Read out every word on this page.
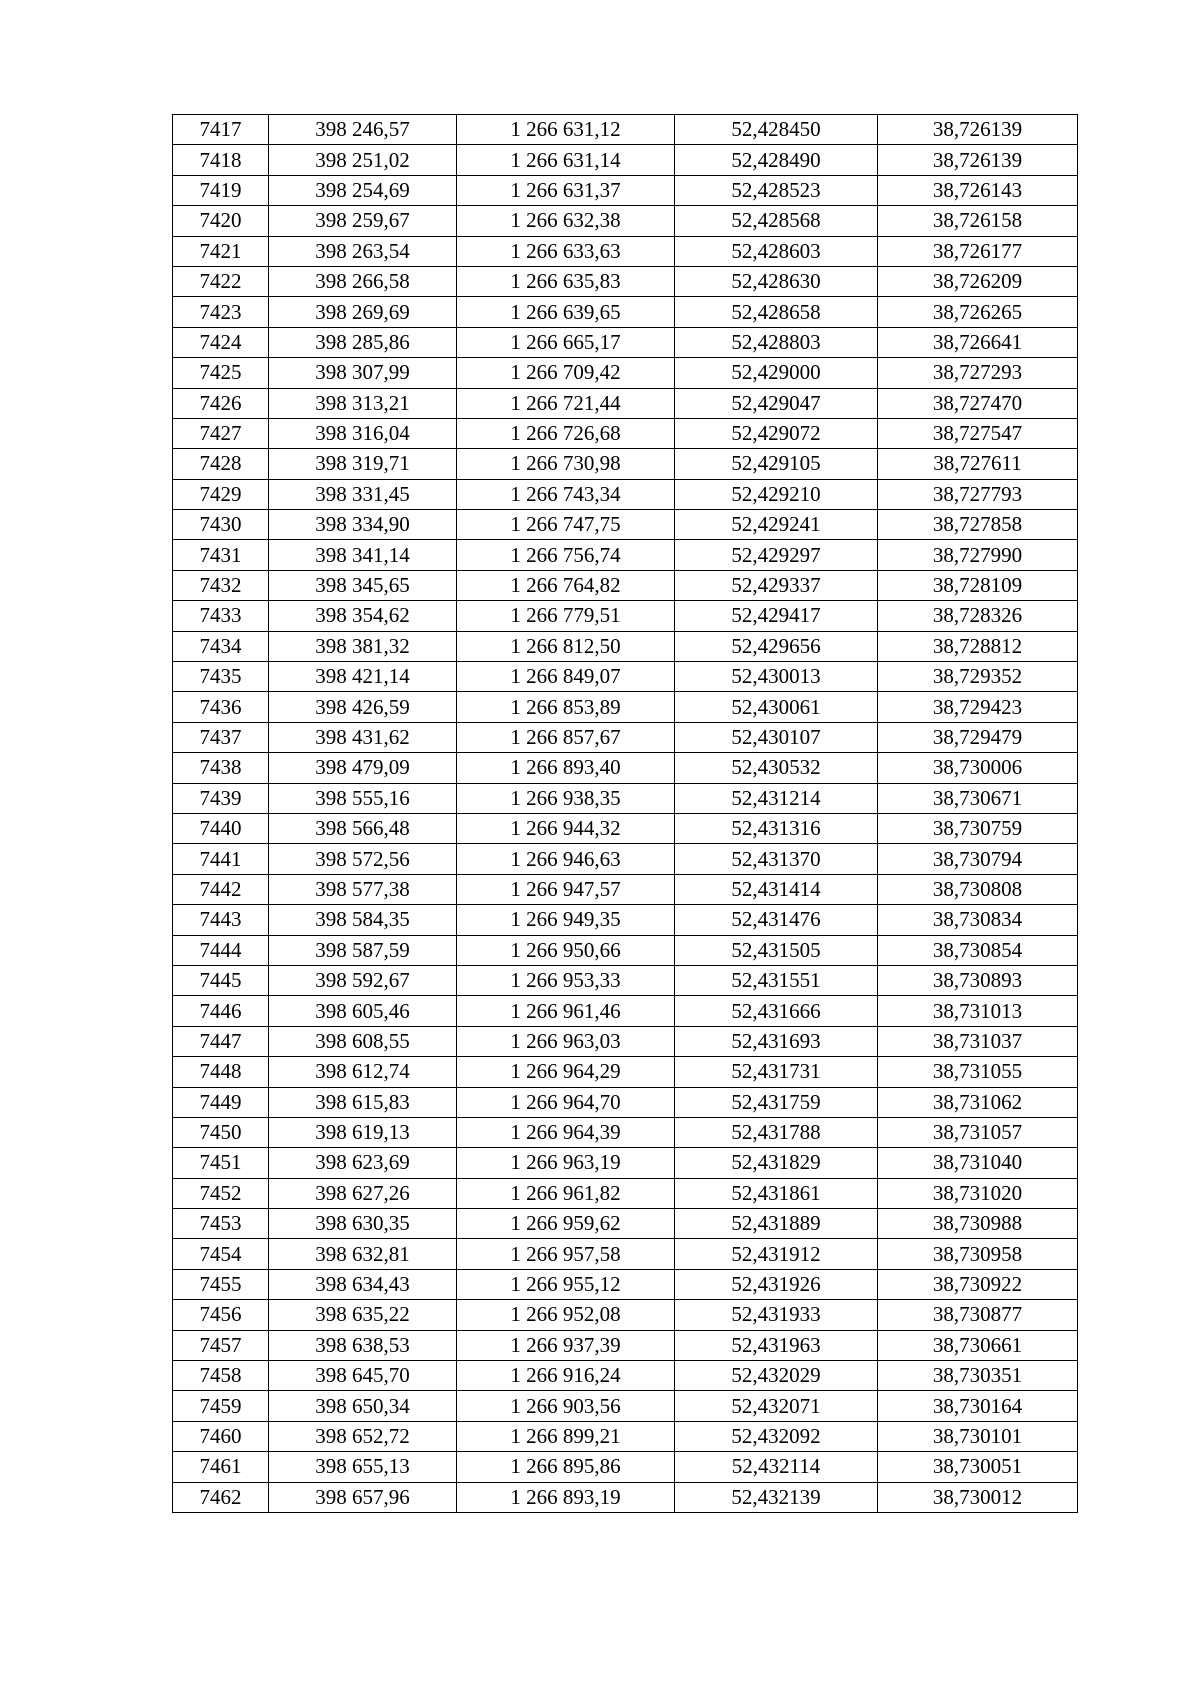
7417	398 246,57	1 266 631,12	52,428450	38,726139
7418	398 251,02	1 266 631,14	52,428490	38,726139
7419	398 254,69	1 266 631,37	52,428523	38,726143
7420	398 259,67	1 266 632,38	52,428568	38,726158
7421	398 263,54	1 266 633,63	52,428603	38,726177
7422	398 266,58	1 266 635,83	52,428630	38,726209
7423	398 269,69	1 266 639,65	52,428658	38,726265
7424	398 285,86	1 266 665,17	52,428803	38,726641
7425	398 307,99	1 266 709,42	52,429000	38,727293
7426	398 313,21	1 266 721,44	52,429047	38,727470
7427	398 316,04	1 266 726,68	52,429072	38,727547
7428	398 319,71	1 266 730,98	52,429105	38,727611
7429	398 331,45	1 266 743,34	52,429210	38,727793
7430	398 334,90	1 266 747,75	52,429241	38,727858
7431	398 341,14	1 266 756,74	52,429297	38,727990
7432	398 345,65	1 266 764,82	52,429337	38,728109
7433	398 354,62	1 266 779,51	52,429417	38,728326
7434	398 381,32	1 266 812,50	52,429656	38,728812
7435	398 421,14	1 266 849,07	52,430013	38,729352
7436	398 426,59	1 266 853,89	52,430061	38,729423
7437	398 431,62	1 266 857,67	52,430107	38,729479
7438	398 479,09	1 266 893,40	52,430532	38,730006
7439	398 555,16	1 266 938,35	52,431214	38,730671
7440	398 566,48	1 266 944,32	52,431316	38,730759
7441	398 572,56	1 266 946,63	52,431370	38,730794
7442	398 577,38	1 266 947,57	52,431414	38,730808
7443	398 584,35	1 266 949,35	52,431476	38,730834
7444	398 587,59	1 266 950,66	52,431505	38,730854
7445	398 592,67	1 266 953,33	52,431551	38,730893
7446	398 605,46	1 266 961,46	52,431666	38,731013
7447	398 608,55	1 266 963,03	52,431693	38,731037
7448	398 612,74	1 266 964,29	52,431731	38,731055
7449	398 615,83	1 266 964,70	52,431759	38,731062
7450	398 619,13	1 266 964,39	52,431788	38,731057
7451	398 623,69	1 266 963,19	52,431829	38,731040
7452	398 627,26	1 266 961,82	52,431861	38,731020
7453	398 630,35	1 266 959,62	52,431889	38,730988
7454	398 632,81	1 266 957,58	52,431912	38,730958
7455	398 634,43	1 266 955,12	52,431926	38,730922
7456	398 635,22	1 266 952,08	52,431933	38,730877
7457	398 638,53	1 266 937,39	52,431963	38,730661
7458	398 645,70	1 266 916,24	52,432029	38,730351
7459	398 650,34	1 266 903,56	52,432071	38,730164
7460	398 652,72	1 266 899,21	52,432092	38,730101
7461	398 655,13	1 266 895,86	52,432114	38,730051
7462	398 657,96	1 266 893,19	52,432139	38,730012
